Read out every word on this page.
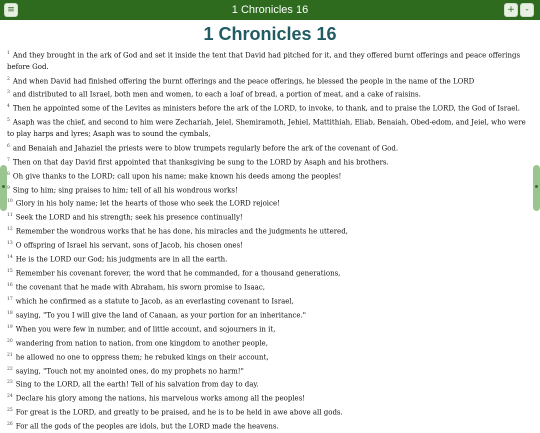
≡	1 Chronicles 16	+	-
1 Chronicles 16

$^1$ And they brought in the ark of God and set it inside the tent that David had pitched for it, and they offered burnt offerings and peace offerings before God.

$^2$ And when David had finished offering the burnt offerings and the peace offerings, he blessed the people in the name of the LORD

$^3$ and distributed to all Israel, both men and women, to each a loaf of bread, a portion of meat, and a cake of raisins.

$^4$ Then he appointed some of the Levites as ministers before the ark of the LORD, to invoke, to thank, and to praise the LORD, the God of Israel.

$^5$ Asaph was the chief, and second to him were Zechariah, Jeiel, Shemiramoth, Jehiel, Mattithiah, Eliab, Benaiah, Obed-edom, and Jeiel, who were to play harps and lyres; Asaph was to sound the cymbals,

$^6$ and Benaiah and Jahaziel the priests were to blow trumpets regularly before the ark of the covenant of God.

$^7$ Then on that day David first appointed that thanksgiving be sung to the LORD by Asaph and his brothers.

$^8$ Oh give thanks to the LORD; call upon his name; make known his deeds among the peoples!

$^9$ Sing to him; sing praises to him; tell of all his wondrous works!

$^{10}$ Glory in his holy name; let the hearts of those who seek the LORD rejoice!

$^{11}$ Seek the LORD and his strength; seek his presence continually!

$^{12}$ Remember the wondrous works that he has done, his miracles and the judgments he uttered,

$^{13}$ O offspring of Israel his servant, sons of Jacob, his chosen ones!

$^{14}$ He is the LORD our God; his judgments are in all the earth.

$^{15}$ Remember his covenant forever, the word that he commanded, for a thousand generations,

$^{16}$ the covenant that he made with Abraham, his sworn promise to Isaac,

$^{17}$ which he confirmed as a statute to Jacob, as an everlasting covenant to Israel,

$^{18}$ saying, "To you I will give the land of Canaan, as your portion for an inheritance."

$^{19}$ When you were few in number, and of little account, and sojourners in it,

$^{20}$ wandering from nation to nation, from one kingdom to another people,

$^{21}$ he allowed no one to oppress them; he rebuked kings on their account,

$^{22}$ saying, "Touch not my anointed ones, do my prophets no harm!"

$^{23}$ Sing to the LORD, all the earth! Tell of his salvation from day to day.

$^{24}$ Declare his glory among the nations, his marvelous works among all the peoples!

$^{25}$ For great is the LORD, and greatly to be praised, and he is to be held in awe above all gods.

$^{26}$ For all the gods of the peoples are idols, but the LORD made the heavens.
